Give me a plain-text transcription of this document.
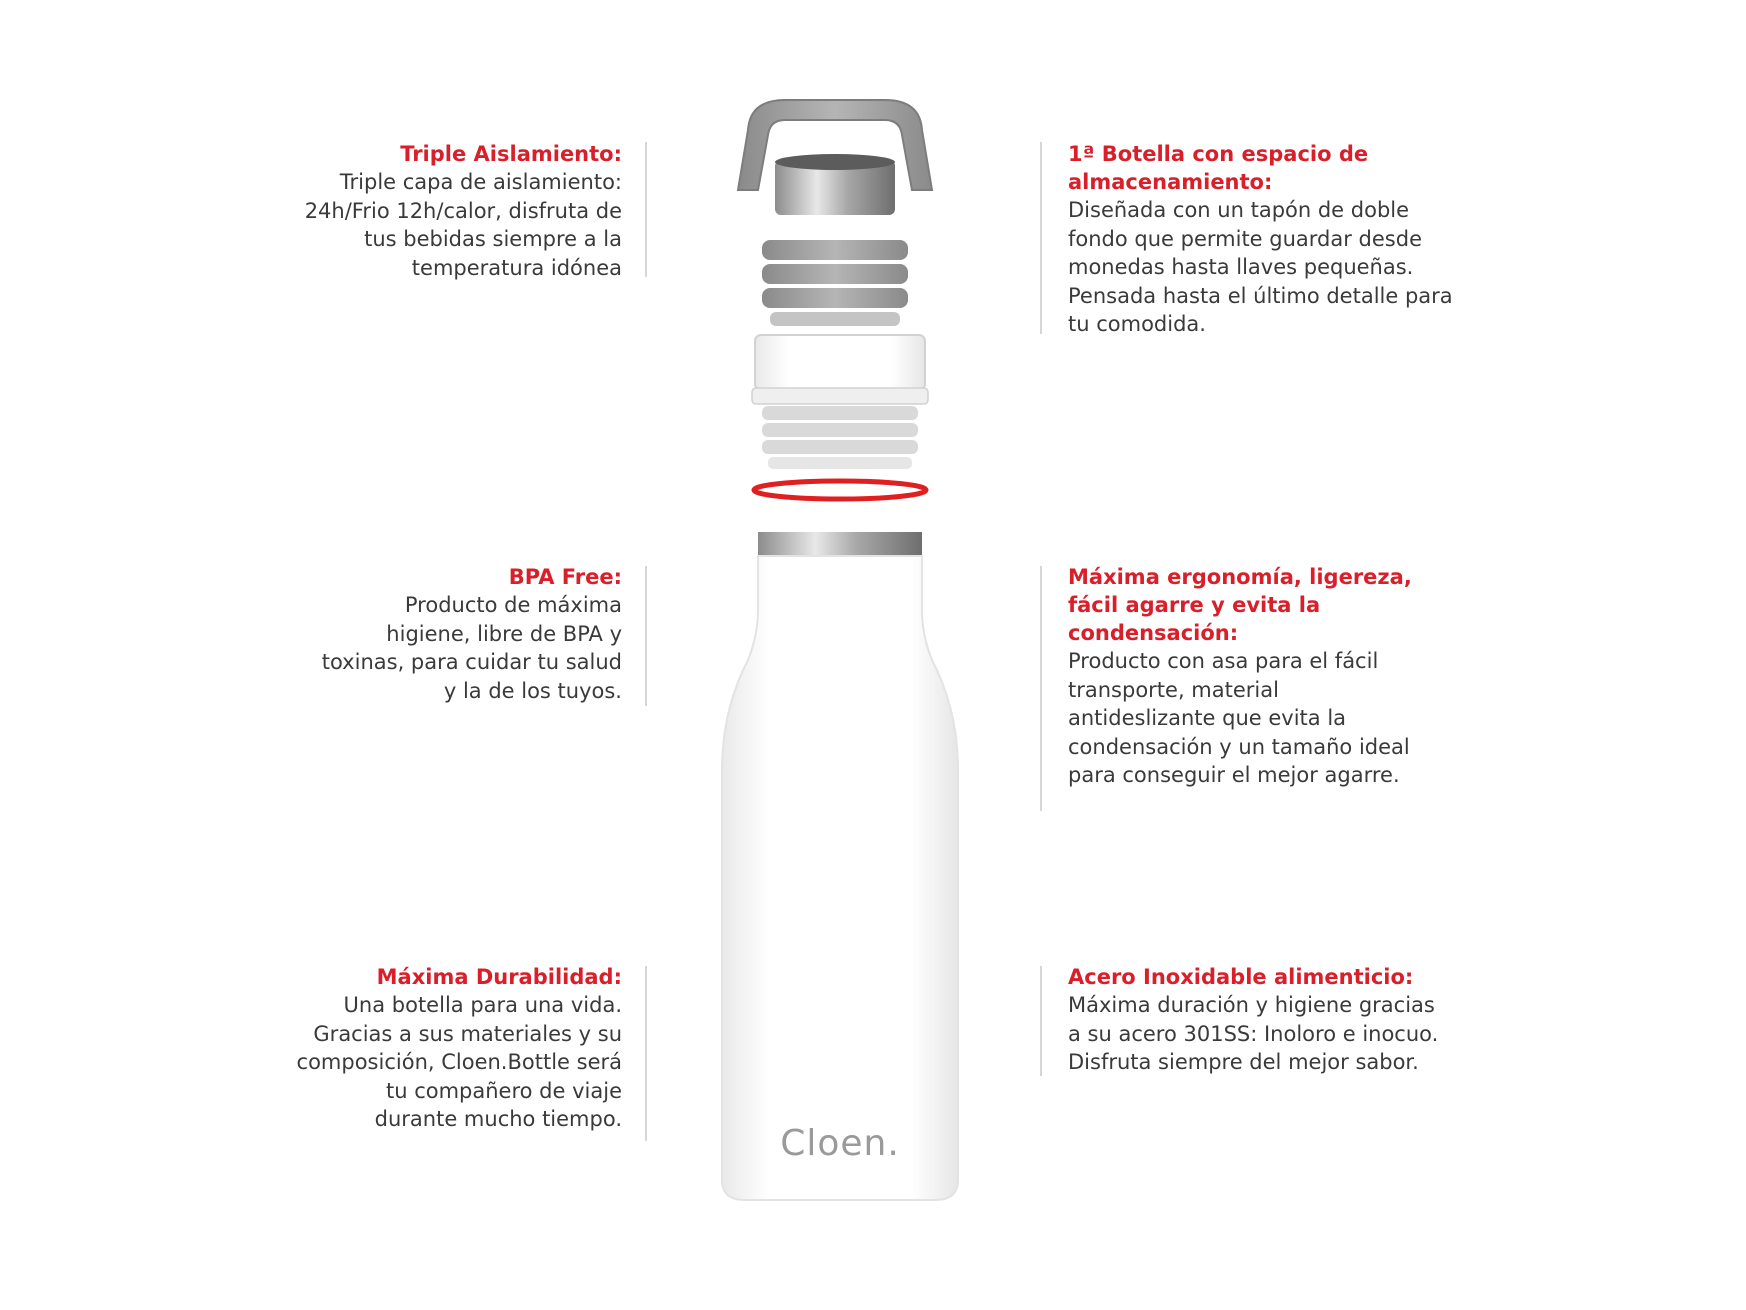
Triple Aislamiento:

Triple capa de aislamiento:

24h/Frio 12h/calor, disfruta de

tus bebidas siempre a la

temperatura idónea

BPA Free:

Producto de máxima

higiene, libre de BPA y

toxinas, para cuidar tu salud

y la de los tuyos.

Máxima Durabilidad:

Una botella para una vida.

Gracias a sus materiales y su

composición, Cloen.Bottle será

tu compañero de viaje

durante mucho tiempo.

1ª Botella con espacio de

almacenamiento:

Diseñada con un tapón de doble

fondo que permite guardar desde

monedas hasta llaves pequeñas.

Pensada hasta el último detalle para

tu comodida.

Máxima ergonomía, ligereza,

fácil agarre y evita la

condensación:

Producto con asa para el fácil

transporte, material

antideslizante que evita la

condensación y un tamaño ideal

para conseguir el mejor agarre.

Acero Inoxidable alimenticio:

Máxima duración y higiene gracias

a su acero 301SS: Inoloro e inocuo.

Disfruta siempre del mejor sabor.

Cloen.
